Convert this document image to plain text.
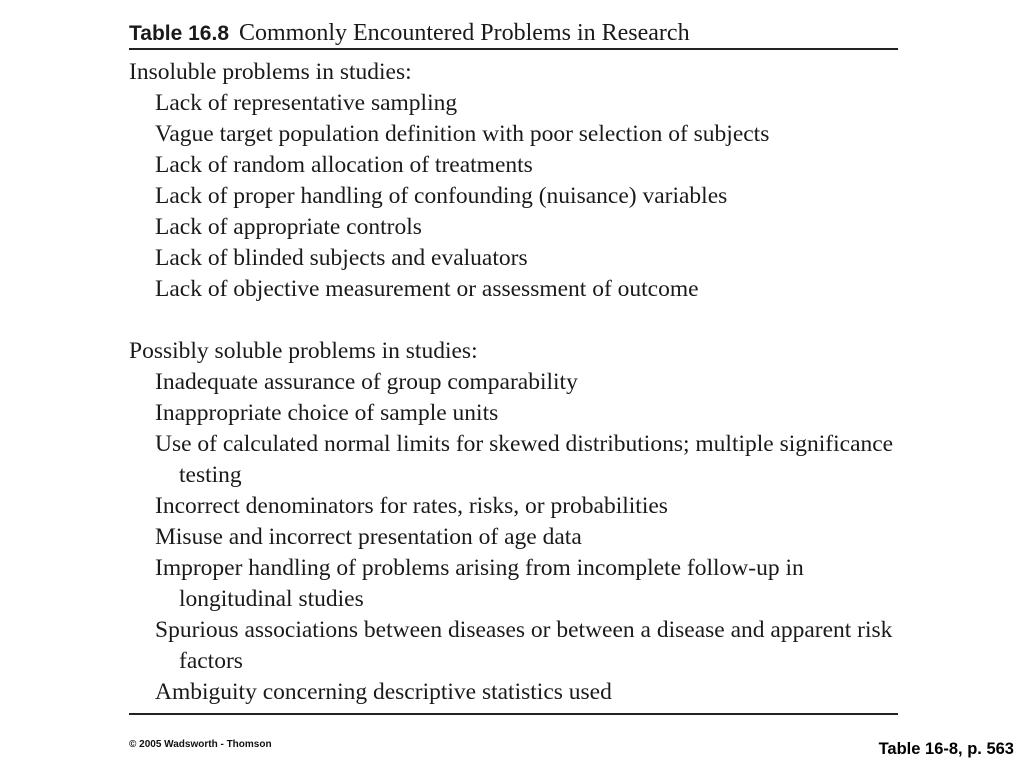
Table 16.8 Commonly Encountered Problems in Research
Insoluble problems in studies:
Lack of representative sampling
Vague target population definition with poor selection of subjects
Lack of random allocation of treatments
Lack of proper handling of confounding (nuisance) variables
Lack of appropriate controls
Lack of blinded subjects and evaluators
Lack of objective measurement or assessment of outcome
Possibly soluble problems in studies:
Inadequate assurance of group comparability
Inappropriate choice of sample units
Use of calculated normal limits for skewed distributions; multiple significance testing
Incorrect denominators for rates, risks, or probabilities
Misuse and incorrect presentation of age data
Improper handling of problems arising from incomplete follow-up in longitudinal studies
Spurious associations between diseases or between a disease and apparent risk factors
Ambiguity concerning descriptive statistics used
© 2005 Wadsworth - Thomson	Table 16-8, p. 563
